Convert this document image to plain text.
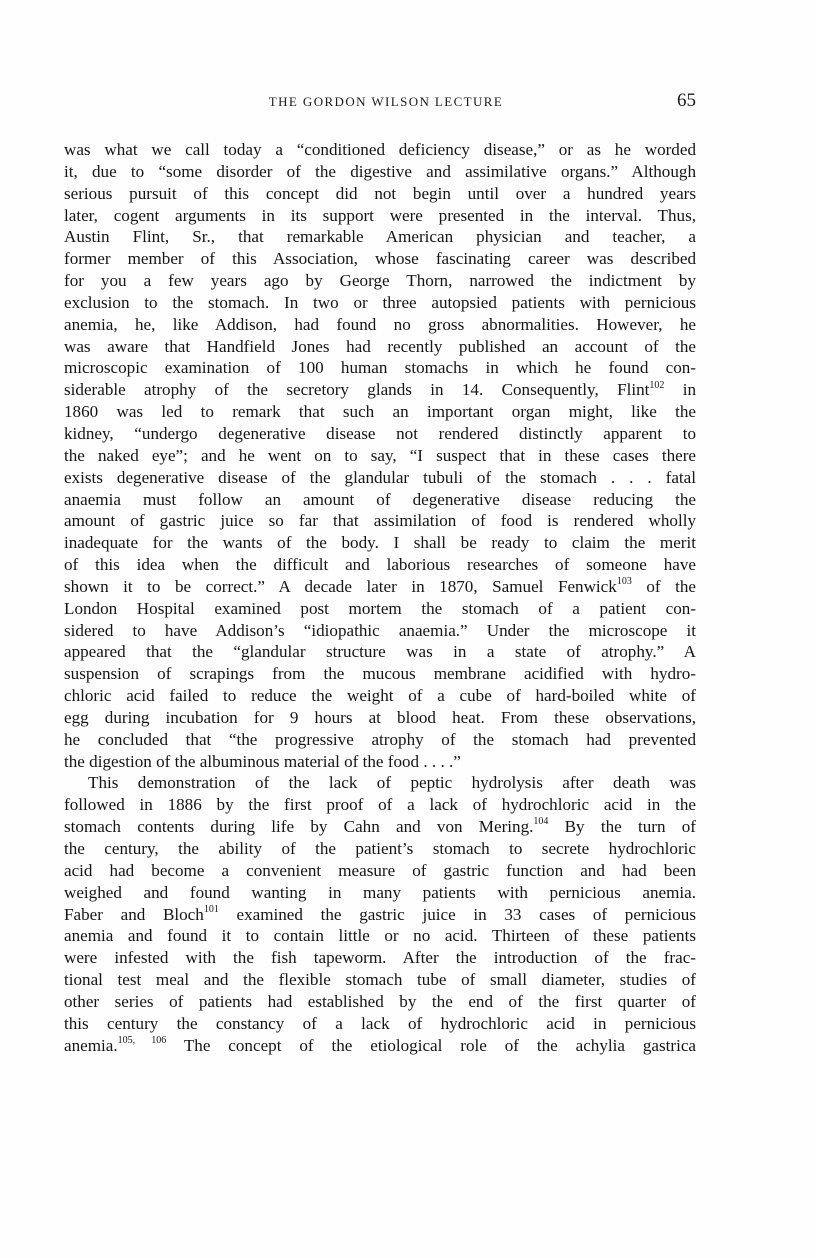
THE GORDON WILSON LECTURE	65
was what we call today a “conditioned deficiency disease,” or as he worded
it, due to “some disorder of the digestive and assimilative organs.” Although
serious pursuit of this concept did not begin until over a hundred years
later, cogent arguments in its support were presented in the interval. Thus,
Austin Flint, Sr., that remarkable American physician and teacher, a
former member of this Association, whose fascinating career was described
for you a few years ago by George Thorn, narrowed the indictment by
exclusion to the stomach. In two or three autopsied patients with pernicious
anemia, he, like Addison, had found no gross abnormalities. However, he
was aware that Handfield Jones had recently published an account of the
microscopic examination of 100 human stomachs in which he found con-
siderable atrophy of the secretory glands in 14. Consequently, Flint$^{102}$ in
1860 was led to remark that such an important organ might, like the
kidney, “undergo degenerative disease not rendered distinctly apparent to
the naked eye”; and he went on to say, “I suspect that in these cases there
exists degenerative disease of the glandular tubuli of the stomach . . . fatal
anaemia must follow an amount of degenerative disease reducing the
amount of gastric juice so far that assimilation of food is rendered wholly
inadequate for the wants of the body. I shall be ready to claim the merit
of this idea when the difficult and laborious researches of someone have
shown it to be correct.” A decade later in 1870, Samuel Fenwick$^{103}$ of the
London Hospital examined post mortem the stomach of a patient con-
sidered to have Addison’s “idiopathic anaemia.” Under the microscope it
appeared that the “glandular structure was in a state of atrophy.” A
suspension of scrapings from the mucous membrane acidified with hydro-
chloric acid failed to reduce the weight of a cube of hard-boiled white of
egg during incubation for 9 hours at blood heat. From these observations,
he concluded that “the progressive atrophy of the stomach had prevented
the digestion of the albuminous material of the food . . . .”
This demonstration of the lack of peptic hydrolysis after death was
followed in 1886 by the first proof of a lack of hydrochloric acid in the
stomach contents during life by Cahn and von Mering.$^{104}$ By the turn of
the century, the ability of the patient’s stomach to secrete hydrochloric
acid had become a convenient measure of gastric function and had been
weighed and found wanting in many patients with pernicious anemia.
Faber and Bloch$^{101}$ examined the gastric juice in 33 cases of pernicious
anemia and found it to contain little or no acid. Thirteen of these patients
were infested with the fish tapeworm. After the introduction of the frac-
tional test meal and the flexible stomach tube of small diameter, studies of
other series of patients had established by the end of the first quarter of
this century the constancy of a lack of hydrochloric acid in pernicious
anemia.$^{105, 106}$ The concept of the etiological role of the achylia gastrica
